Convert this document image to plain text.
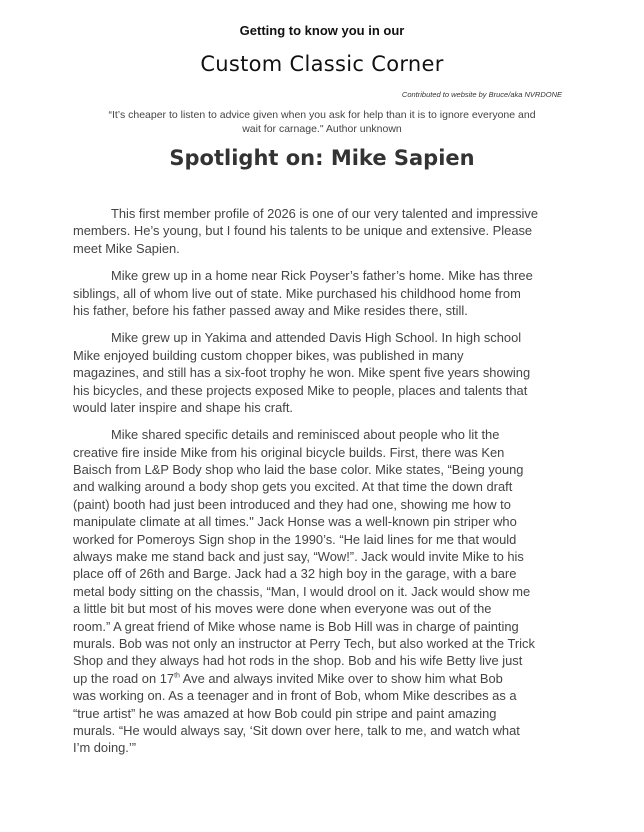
Getting to know you in our
Custom Classic Corner
Contributed to website by Bruce/aka NVRDONE
“It’s cheaper to listen to advice given when you ask for help than it is to ignore everyone and
wait for carnage." Author unknown
Spotlight on: Mike Sapien
This first member profile of 2026 is one of our very talented and impressive
members. He’s young, but I found his talents to be unique and extensive. Please
meet Mike Sapien.
Mike grew up in a home near Rick Poyser’s father’s home. Mike has three
siblings, all of whom live out of state. Mike purchased his childhood home from
his father, before his father passed away and Mike resides there, still.
Mike grew up in Yakima and attended Davis High School. In high school
Mike enjoyed building custom chopper bikes, was published in many
magazines, and still has a six-foot trophy he won. Mike spent five years showing
his bicycles, and these projects exposed Mike to people, places and talents that
would later inspire and shape his craft.
Mike shared specific details and reminisced about people who lit the
creative fire inside Mike from his original bicycle builds. First, there was Ken
Baisch from L&P Body shop who laid the base color. Mike states, “Being young
and walking around a body shop gets you excited. At that time the down draft
(paint) booth had just been introduced and they had one, showing me how to
manipulate climate at all times." Jack Honse was a well-known pin striper who
worked for Pomeroys Sign shop in the 1990’s. “He laid lines for me that would
always make me stand back and just say, “Wow!”. Jack would invite Mike to his
place off of 26th and Barge. Jack had a 32 high boy in the garage, with a bare
metal body sitting on the chassis, “Man, I would drool on it. Jack would show me
a little bit but most of his moves were done when everyone was out of the
room.” A great friend of Mike whose name is Bob Hill was in charge of painting
murals. Bob was not only an instructor at Perry Tech, but also worked at the Trick
Shop and they always had hot rods in the shop. Bob and his wife Betty live just
up the road on 17th Ave and always invited Mike over to show him what Bob
was working on. As a teenager and in front of Bob, whom Mike describes as a
“true artist” he was amazed at how Bob could pin stripe and paint amazing
murals. “He would always say, ‘Sit down over here, talk to me, and watch what
I’m doing.’”
